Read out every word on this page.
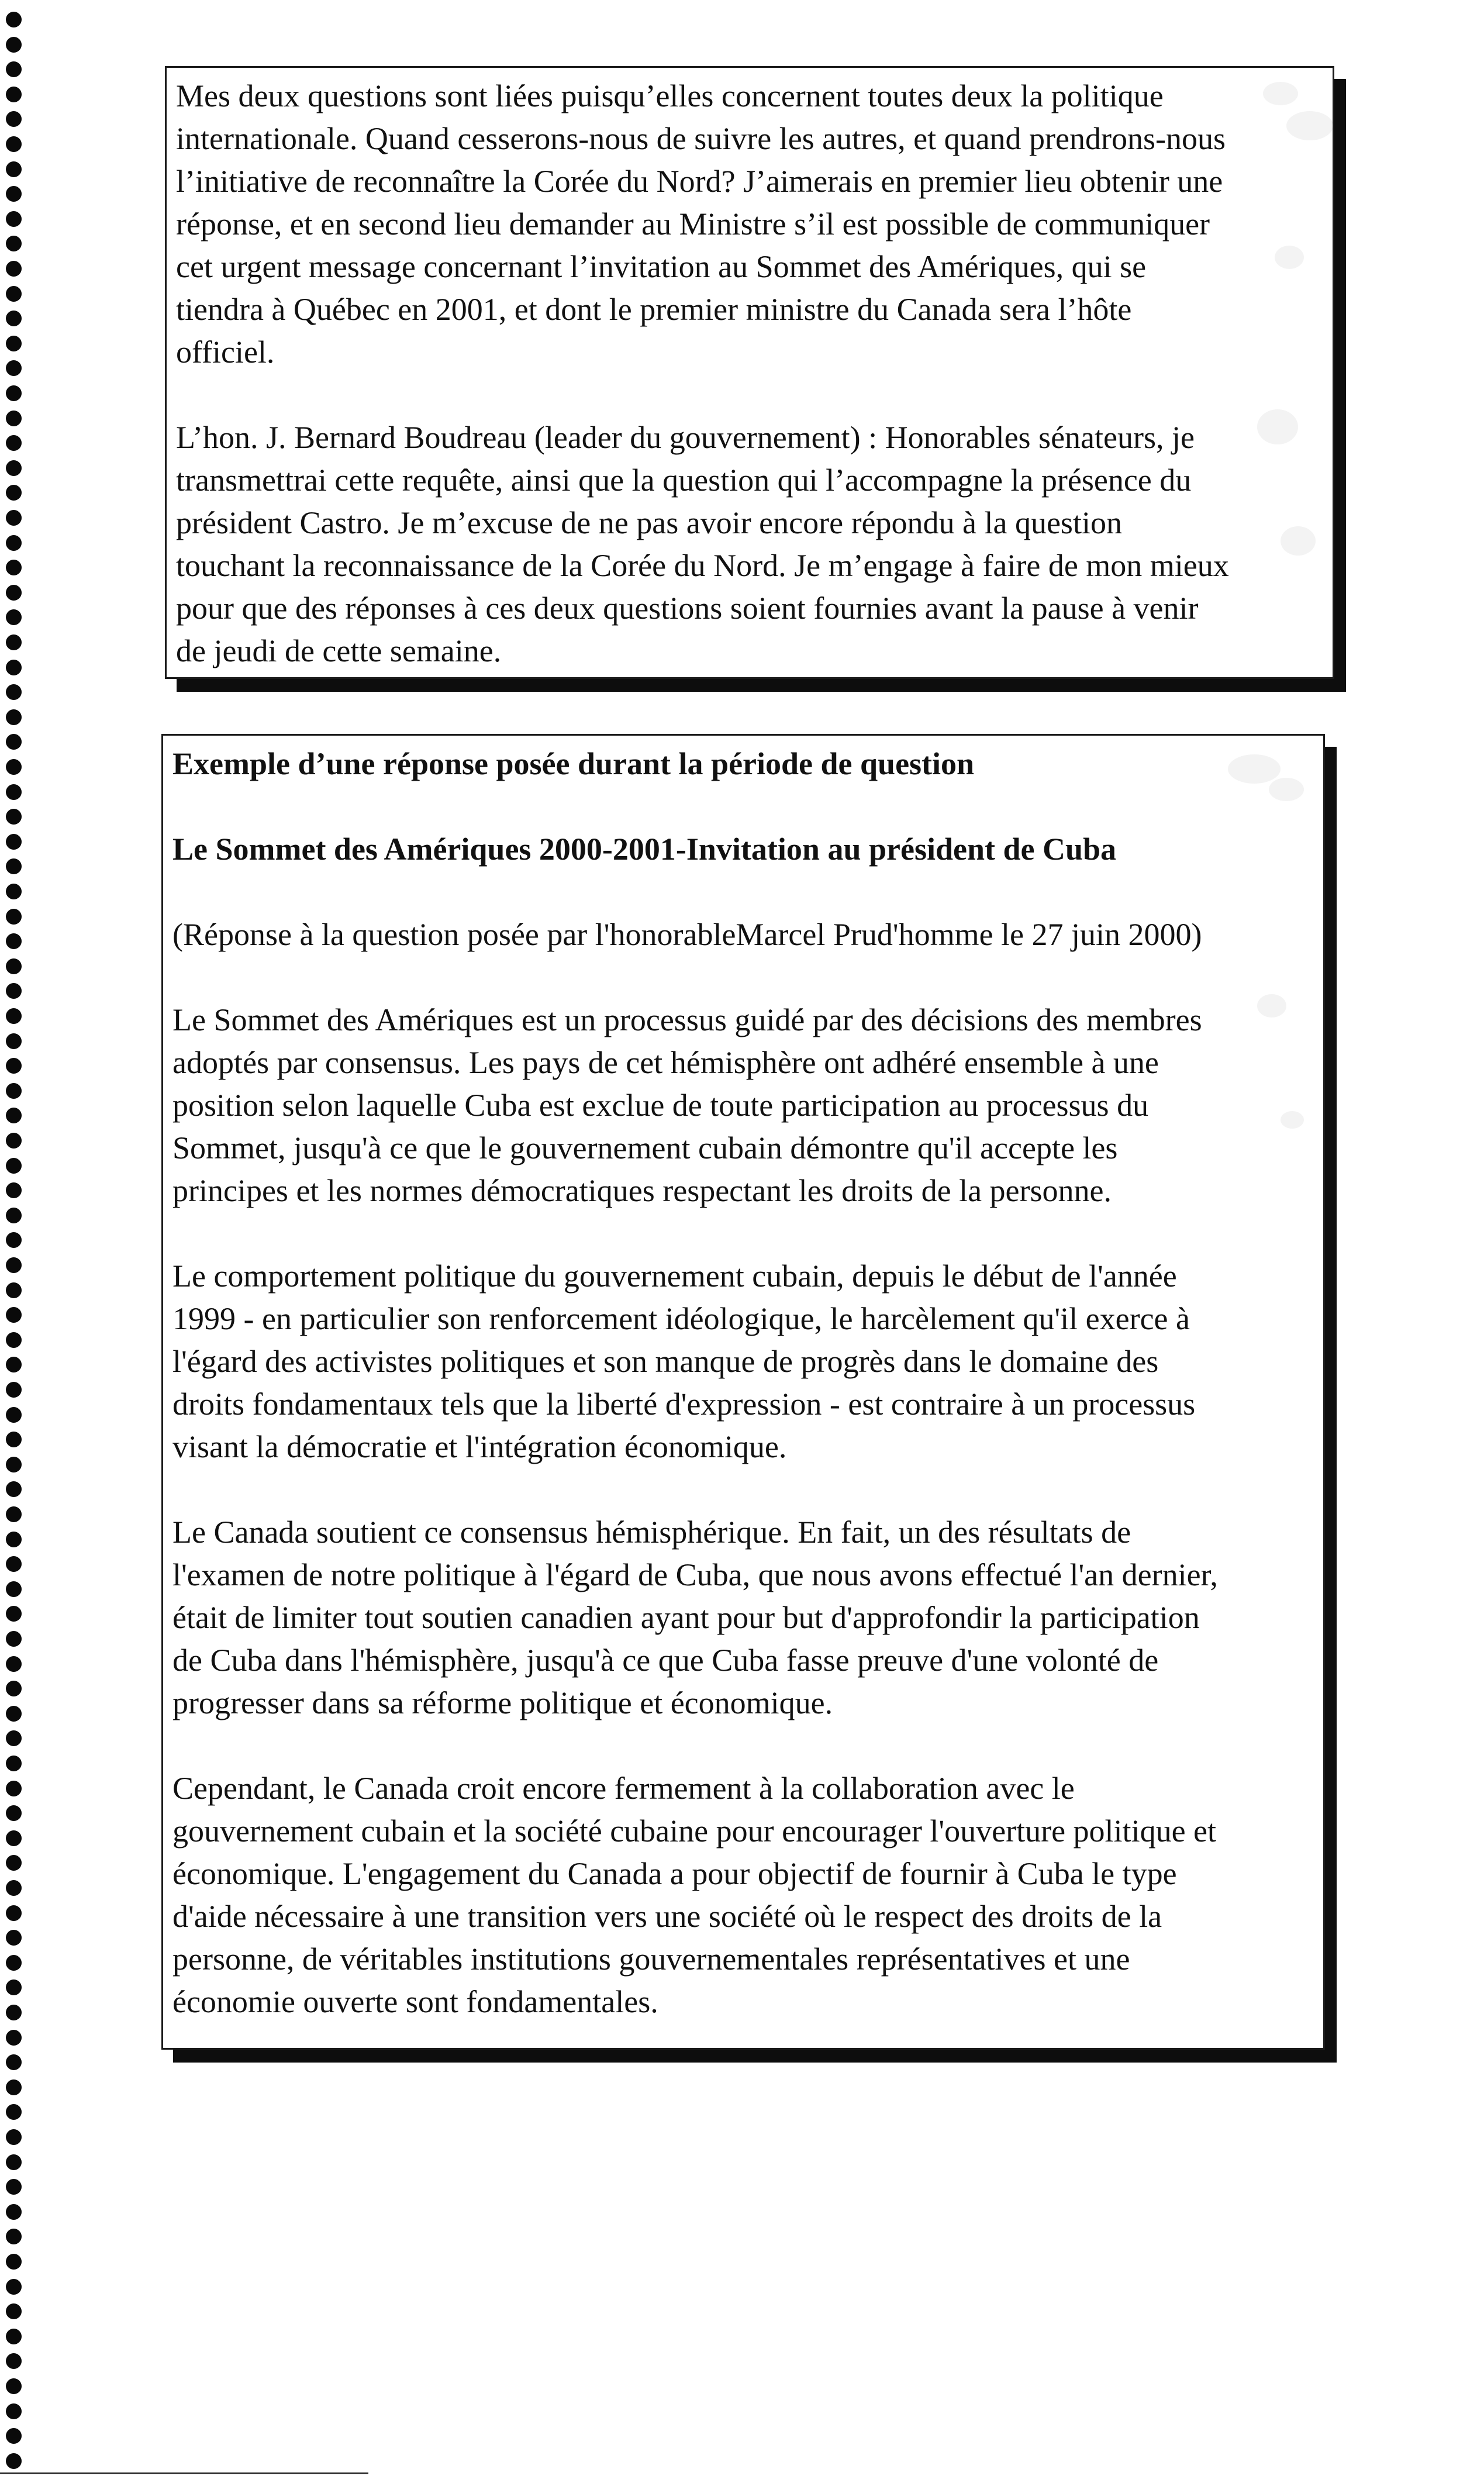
Mes deux questions sont liées puisqu’elles concernent toutes deux la politique

internationale. Quand cesserons-nous de suivre les autres, et quand prendrons-nous

l’initiative de reconnaître la Corée du Nord? J’aimerais en premier lieu obtenir une

réponse, et en second lieu demander au Ministre s’il est possible de communiquer

cet urgent message concernant l’invitation au Sommet des Amériques, qui se

tiendra à Québec en 2001, et dont le premier ministre du Canada sera l’hôte

officiel.

L’hon. J. Bernard Boudreau (leader du gouvernement) : Honorables sénateurs, je

transmettrai cette requête, ainsi que la question qui l’accompagne la présence du

président Castro. Je m’excuse de ne pas avoir encore répondu à la question

touchant la reconnaissance de la Corée du Nord. Je m’engage à faire de mon mieux

pour que des réponses à ces deux questions soient fournies avant la pause à venir

de jeudi de cette semaine.

Exemple d’une réponse posée durant la période de question

Le Sommet des Amériques 2000-2001-Invitation au président de Cuba

(Réponse à la question posée par l'honorableMarcel Prud'homme le 27 juin 2000)

Le Sommet des Amériques est un processus guidé par des décisions des membres

adoptés par consensus. Les pays de cet hémisphère ont adhéré ensemble à une

position selon laquelle Cuba est exclue de toute participation au processus du

Sommet, jusqu'à ce que le gouvernement cubain démontre qu'il accepte les

principes et les normes démocratiques respectant les droits de la personne.

Le comportement politique du gouvernement cubain, depuis le début de l'année

1999 - en particulier son renforcement idéologique, le harcèlement qu'il exerce à

l'égard des activistes politiques et son manque de progrès dans le domaine des

droits fondamentaux tels que la liberté d'expression - est contraire à un processus

visant la démocratie et l'intégration économique.

Le Canada soutient ce consensus hémisphérique. En fait, un des résultats de

l'examen de notre politique à l'égard de Cuba, que nous avons effectué l'an dernier,

était de limiter tout soutien canadien ayant pour but d'approfondir la participation

de Cuba dans l'hémisphère, jusqu'à ce que Cuba fasse preuve d'une volonté de

progresser dans sa réforme politique et économique.

Cependant, le Canada croit encore fermement à la collaboration avec le

gouvernement cubain et la société cubaine pour encourager l'ouverture politique et

économique. L'engagement du Canada a pour objectif de fournir à Cuba le type

d'aide nécessaire à une transition vers une société où le respect des droits de la

personne, de véritables institutions gouvernementales représentatives et une

économie ouverte sont fondamentales.
